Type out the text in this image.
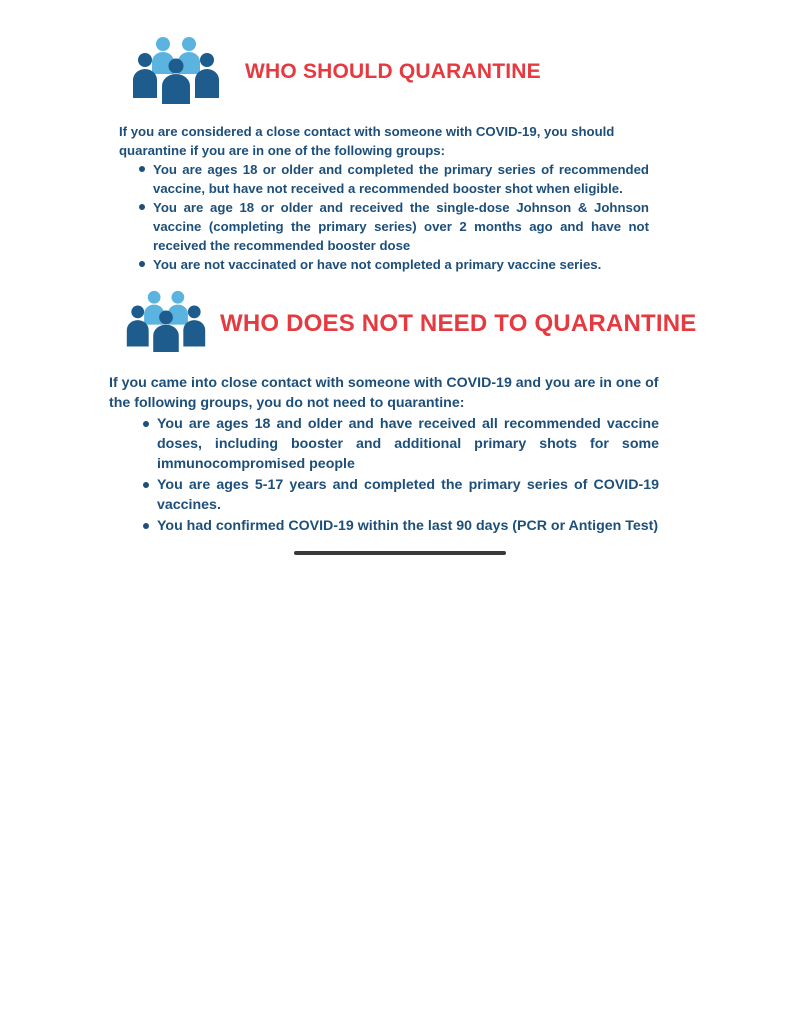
WHO SHOULD QUARANTINE

If you are considered a close contact with someone with COVID-19, you should quarantine if you are in one of the following groups:

You are ages 18 or older and completed the primary series of recommended vaccine, but have not received a recommended booster shot when eligible.
You are age 18 or older and received the single-dose Johnson & Johnson vaccine (completing the primary series) over 2 months ago and have not received the recommended booster dose
You are not vaccinated or have not completed a primary vaccine series.
WHO DOES NOT NEED TO QUARANTINE

If you came into close contact with someone with COVID-19 and you are in one of the following groups, you do not need to quarantine:

You are ages 18 and older and have received all recommended vaccine doses, including booster and additional primary shots for some immunocompromised people
You are ages 5-17 years and completed the primary series of COVID-19 vaccines.
You had confirmed COVID-19 within the last 90 days (PCR or Antigen Test)
